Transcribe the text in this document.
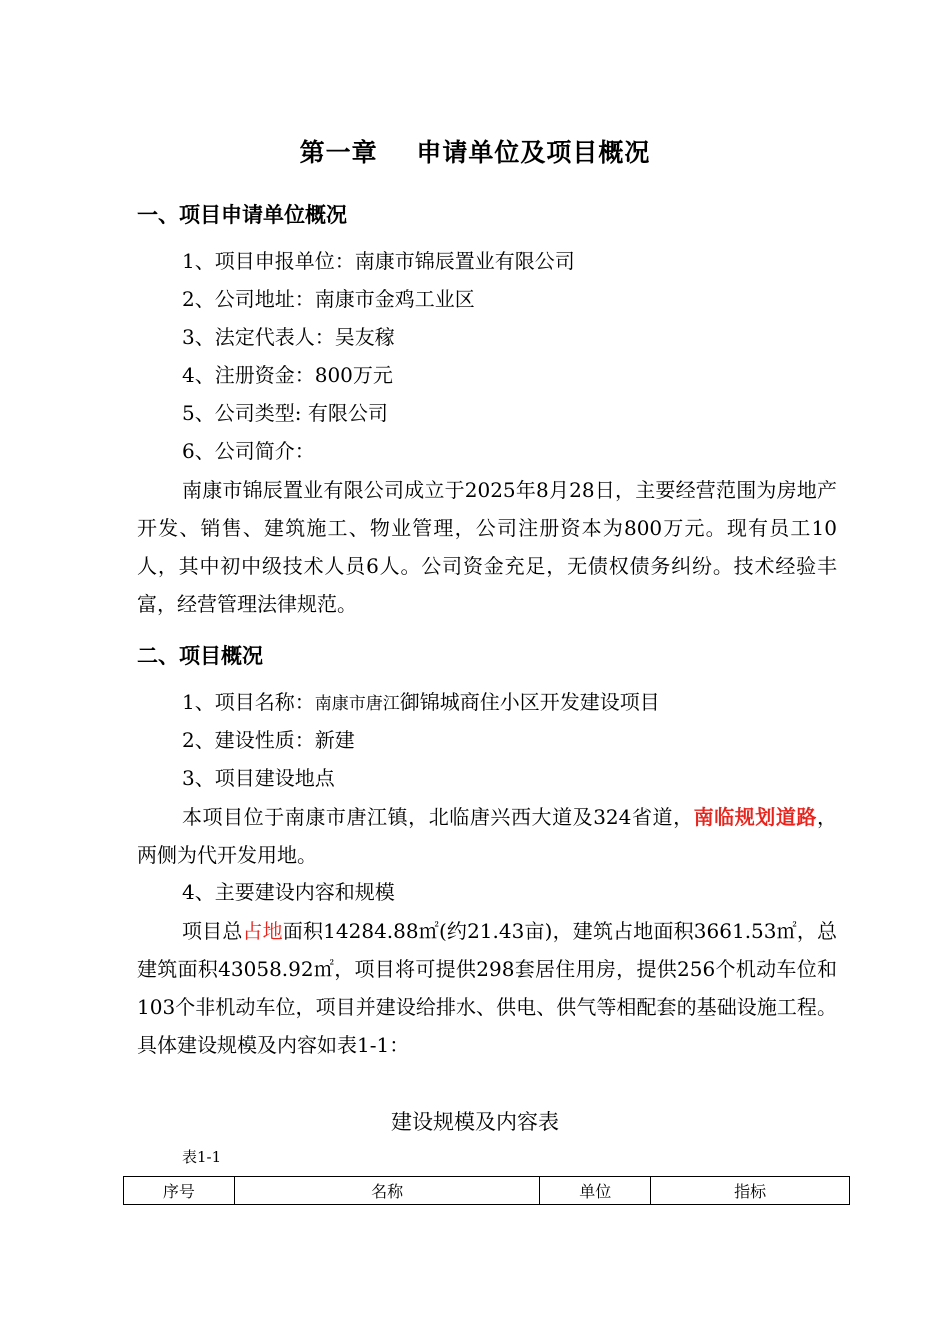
第一章    申请单位及项目概况
一、项目申请单位概况

1、项目申报单位：南康市锦辰置业有限公司

2、公司地址：南康市金鸡工业区

3、法定代表人：吴友稼

4、注册资金：800万元

5、公司类型: 有限公司

6、公司简介：

南康市锦辰置业有限公司成立于2025年8月28日，主要经营范围为房地产开发、销售、建筑施工、物业管理，公司注册资本为800万元。现有员工10人，其中初中级技术人员6人。公司资金充足，无债权债务纠纷。技术经验丰富，经营管理法律规范。

二、项目概况

1、项目名称：南康市唐江御锦城商住小区开发建设项目

2、建设性质：新建

3、项目建设地点

本项目位于南康市唐江镇，北临唐兴西大道及324省道，南临规划道路，两侧为代开发用地。

4、主要建设内容和规模

项目总占地面积14284.88㎡(约21.43亩)，建筑占地面积3661.53㎡，总建筑面积43058.92㎡，项目将可提供298套居住用房，提供256个机动车位和103个非机动车位，项目并建设给排水、供电、供气等相配套的基础设施工程。具体建设规模及内容如表1-1：

建设规模及内容表

表1-1

序号	名称	单位	指标
